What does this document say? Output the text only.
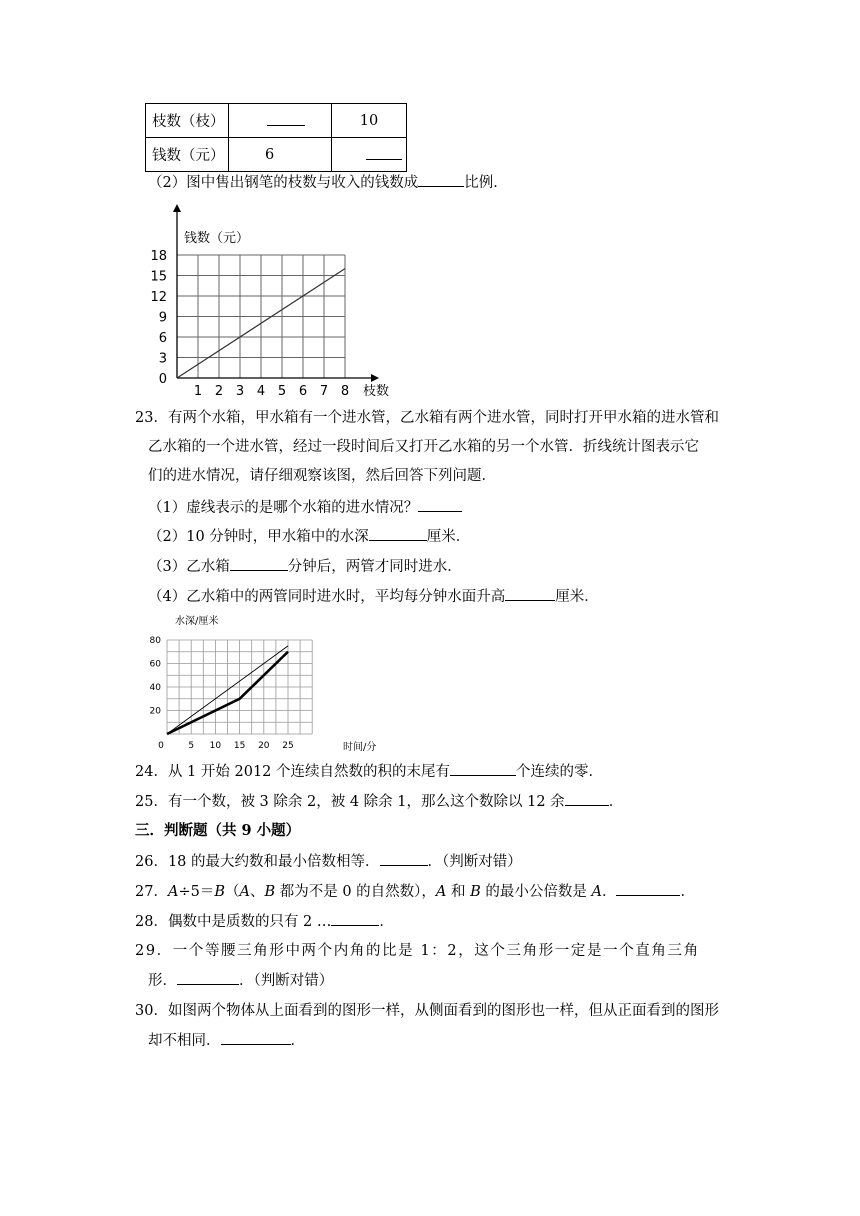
枝数（枝）		10
钱数（元）	6	
（2）图中售出钢笔的枝数与收入的钱数成	比例．
0
3
6
9
12
15
18
1 2 3 4 5 6 7 8
钱数（元）
枝数
23．有两个水箱，甲水箱有一个进水管，乙水箱有两个进水管，同时打开甲水箱的进水管和
乙水箱的一个进水管，经过一段时间后又打开乙水箱的另一个水管．折线统计图表示它
们的进水情况，请仔细观察该图，然后回答下列问题．
（1）虚线表示的是哪个水箱的进水情况？
（2）10 分钟时，甲水箱中的水深	厘米．
（3）乙水箱	分钟后，两管才同时进水．
（4）乙水箱中的两管同时进水时，平均每分钟水面升高	厘米．
20
40
60
80
0	5 10 15 20 25
水深/厘米
时间/分
24．从 1 开始 2012 个连续自然数的积的末尾有	个连续的零．
25．有一个数，被 3 除余 2，被 4 除余 1，那么这个数除以 12 余	．
三．判断题（共 9 小题）
26．18 的最大约数和最小倍数相等．	．（判断对错）
27．A÷5＝B（A、B 都为不是 0 的自然数），A 和 B 的最小公倍数是 A．	．
28．偶数中是质数的只有 2 …	．
29．一个等腰三角形中两个内角的比是 1：2，这个三角形一定是一个直角三角
形．	．（判断对错）
30．如图两个物体从上面看到的图形一样，从侧面看到的图形也一样，但从正面看到的图形
却不相同．	．
